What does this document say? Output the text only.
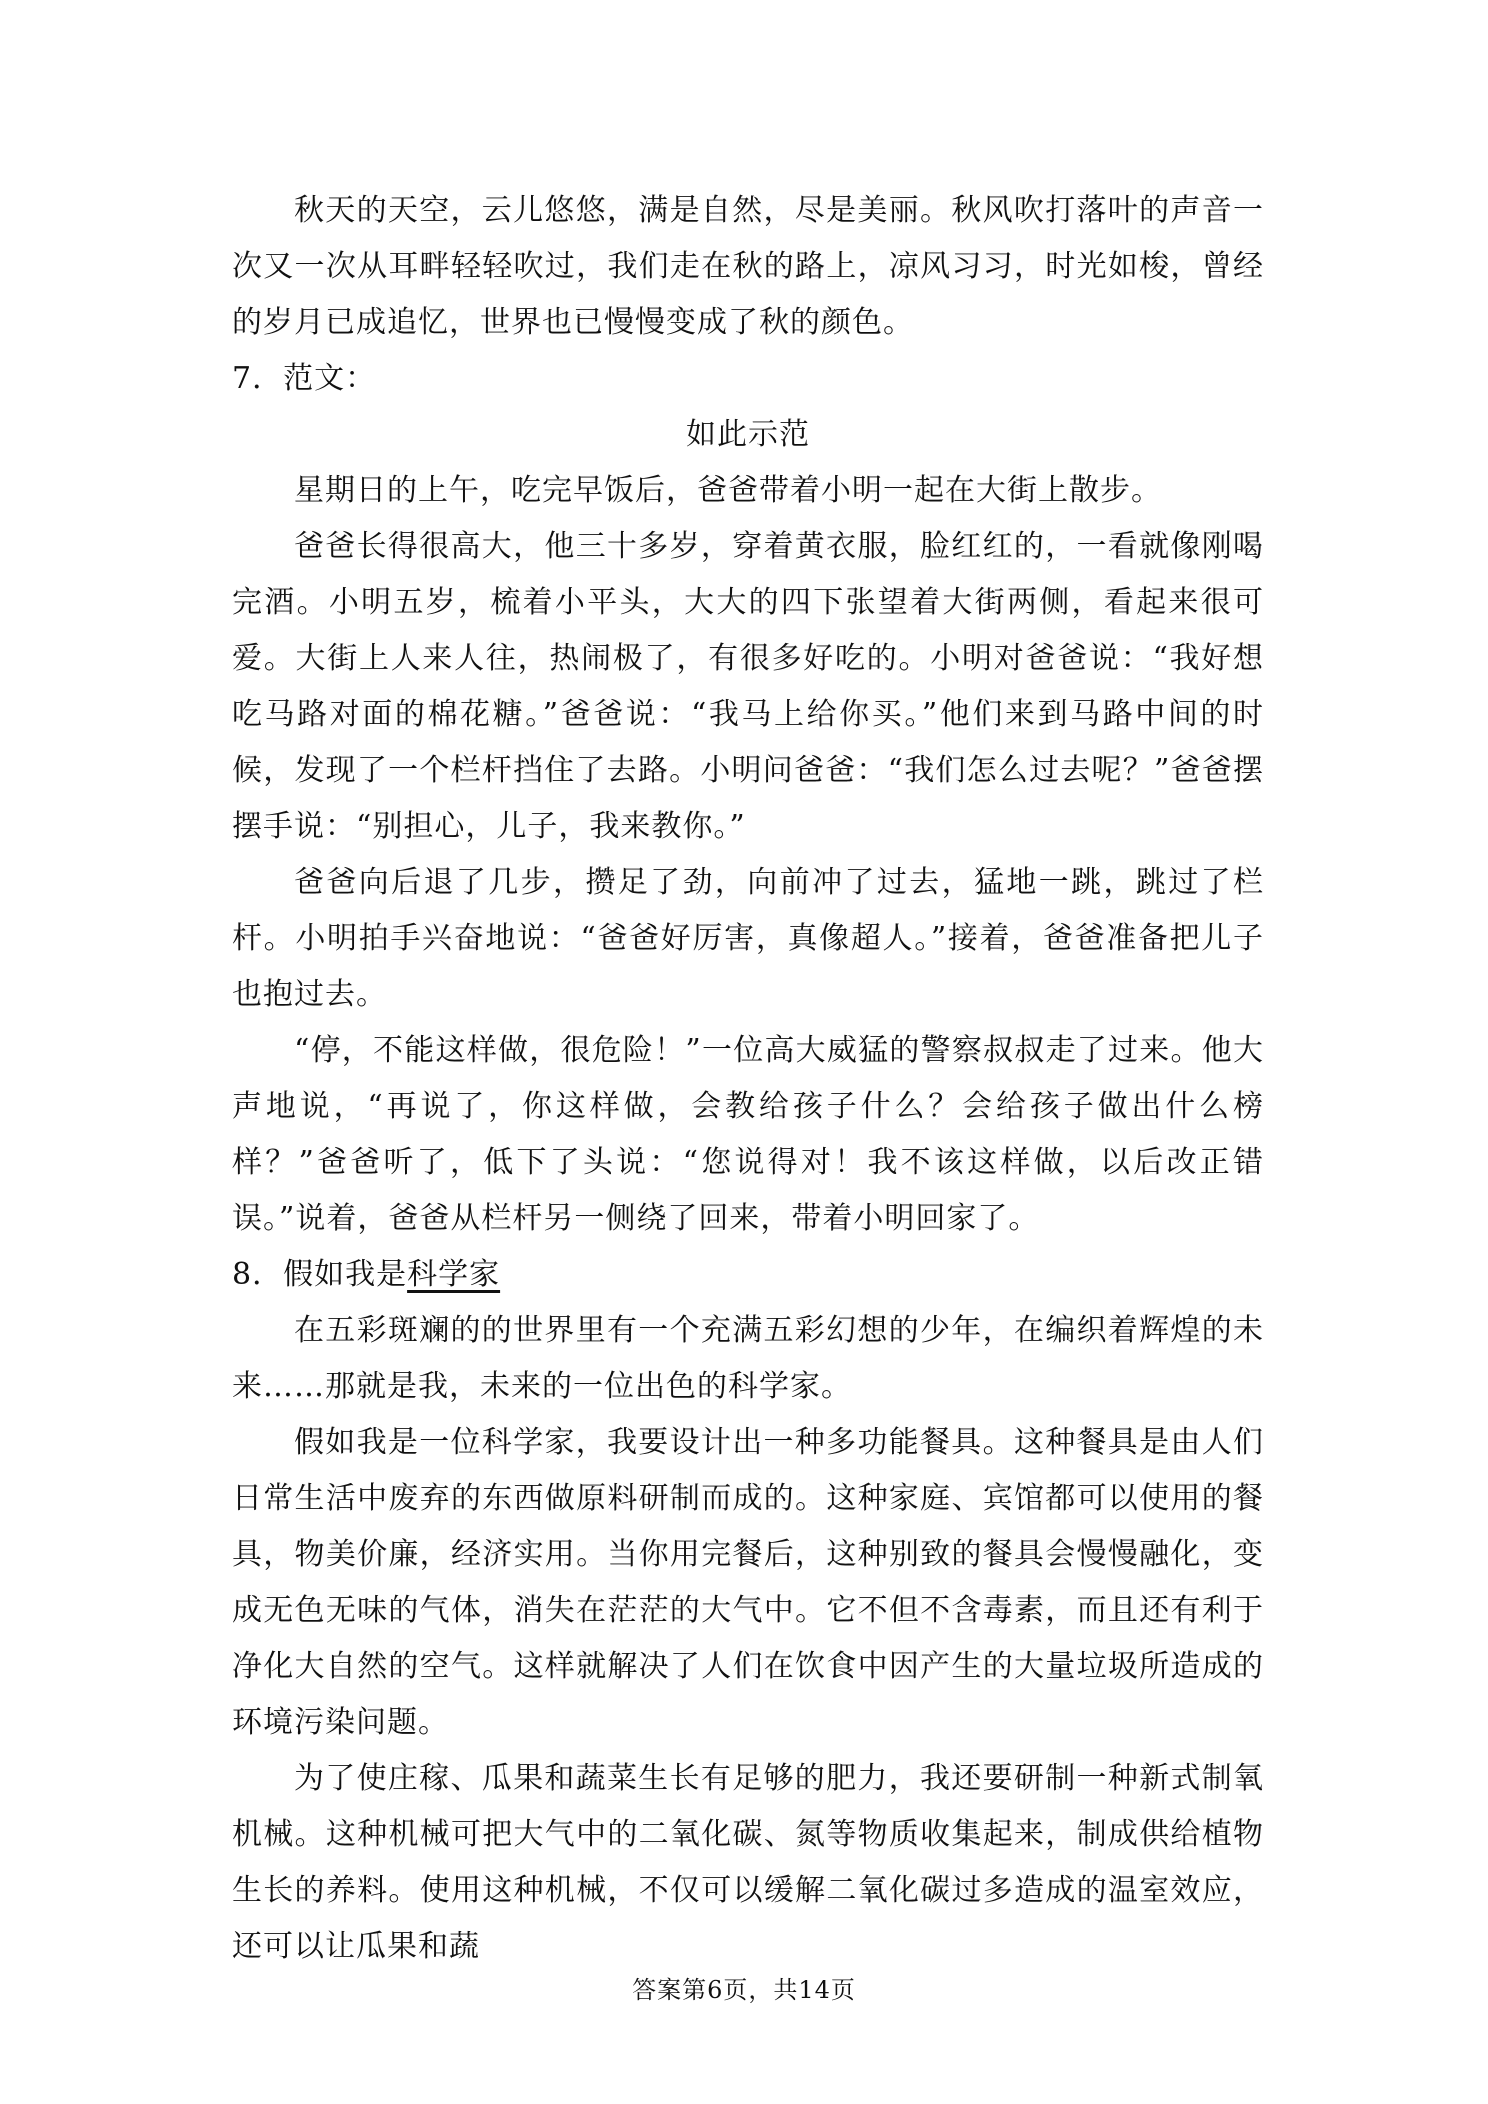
秋天的天空，云儿悠悠，满是自然，尽是美丽。秋风吹打落叶的声音一次又一次从耳畔轻轻吹过，我们走在秋的路上，凉风习习，时光如梭，曾经的岁月已成追忆，世界也已慢慢变成了秋的颜色。

7．范文：

如此示范

星期日的上午，吃完早饭后，爸爸带着小明一起在大街上散步。

爸爸长得很高大，他三十多岁，穿着黄衣服，脸红红的，一看就像刚喝完酒。小明五岁，梳着小平头，大大的四下张望着大街两侧，看起来很可爱。大街上人来人往，热闹极了，有很多好吃的。小明对爸爸说：“我好想吃马路对面的棉花糖。”爸爸说：“我马上给你买。”他们来到马路中间的时候，发现了一个栏杆挡住了去路。小明问爸爸：“我们怎么过去呢？”爸爸摆摆手说：“别担心，儿子，我来教你。”

爸爸向后退了几步，攒足了劲，向前冲了过去，猛地一跳，跳过了栏杆。小明拍手兴奋地说：“爸爸好厉害，真像超人。”接着，爸爸准备把儿子也抱过去。

“停，不能这样做，很危险！”一位高大威猛的警察叔叔走了过来。他大声地说，“再说了，你这样做，会教给孩子什么？会给孩子做出什么榜样？”爸爸听了，低下了头说：“您说得对！我不该这样做，以后改正错误。”说着，爸爸从栏杆另一侧绕了回来，带着小明回家了。

8．假如我是科学家

在五彩斑斓的的世界里有一个充满五彩幻想的少年，在编织着辉煌的未来……那就是我，未来的一位出色的科学家。

假如我是一位科学家，我要设计出一种多功能餐具。这种餐具是由人们日常生活中废弃的东西做原料研制而成的。这种家庭、宾馆都可以使用的餐具，物美价廉，经济实用。当你用完餐后，这种别致的餐具会慢慢融化，变成无色无味的气体，消失在茫茫的大气中。它不但不含毒素，而且还有利于净化大自然的空气。这样就解决了人们在饮食中因产生的大量垃圾所造成的环境污染问题。

为了使庄稼、瓜果和蔬菜生长有足够的肥力，我还要研制一种新式制氧机械。这种机械可把大气中的二氧化碳、氮等物质收集起来，制成供给植物生长的养料。使用这种机械，不仅可以缓解二氧化碳过多造成的温室效应，还可以让瓜果和蔬

答案第6页，共14页
